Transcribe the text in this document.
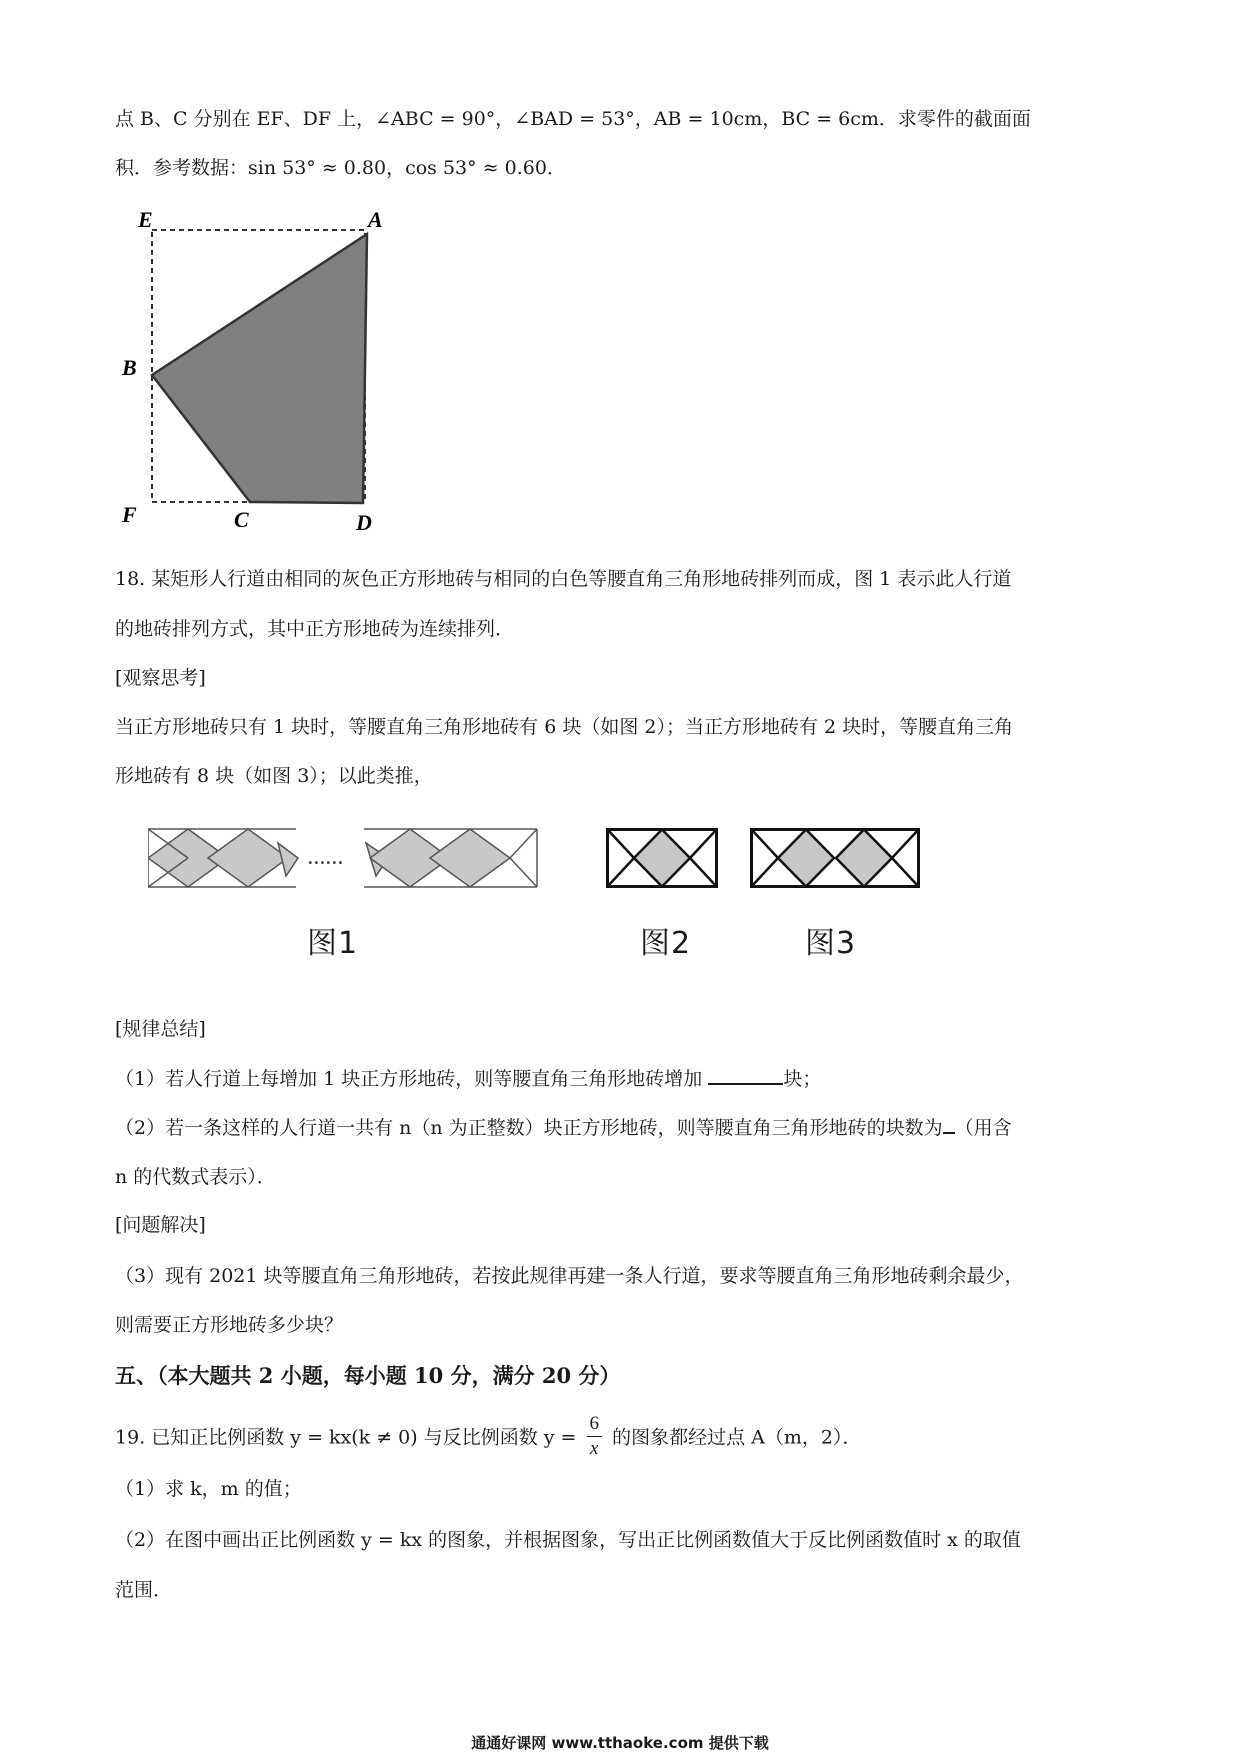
点 B、C 分别在 EF、DF 上，∠ABC = 90°，∠BAD = 53°，AB = 10cm，BC = 6cm．求零件的截面面
积．参考数据：sin 53° ≈ 0.80，cos 53° ≈ 0.60．
E	A
B
F	C	D
18. 某矩形人行道由相同的灰色正方形地砖与相同的白色等腰直角三角形地砖排列而成，图 1 表示此人行道
的地砖排列方式，其中正方形地砖为连续排列．
[观察思考]
当正方形地砖只有 1 块时，等腰直角三角形地砖有 6 块（如图 2）；当正方形地砖有 2 块时，等腰直角三角
形地砖有 8 块（如图 3）；以此类推，
……
图1	图2	图3
[规律总结]
（1）若人行道上每增加 1 块正方形地砖，则等腰直角三角形地砖增加	块；
（2）若一条这样的人行道一共有 n（n 为正整数）块正方形地砖，则等腰直角三角形地砖的块数为 （用含
n 的代数式表示）．
[问题解决]
（3）现有 2021 块等腰直角三角形地砖，若按此规律再建一条人行道，要求等腰直角三角形地砖剩余最少，
则需要正方形地砖多少块？
五、（本大题共 2 小题，每小题 10 分，满分 20 分）
19. 已知正比例函数 y = kx(k ≠ 0) 与反比例函数 $y = \frac{6}{x}$ 的图象都经过点 A（m，2）．
（1）求 k，m 的值；
（2）在图中画出正比例函数 y = kx 的图象，并根据图象，写出正比例函数值大于反比例函数值时 x 的取值
范围．
通通好课网 www.tthaoke.com 提供下载
